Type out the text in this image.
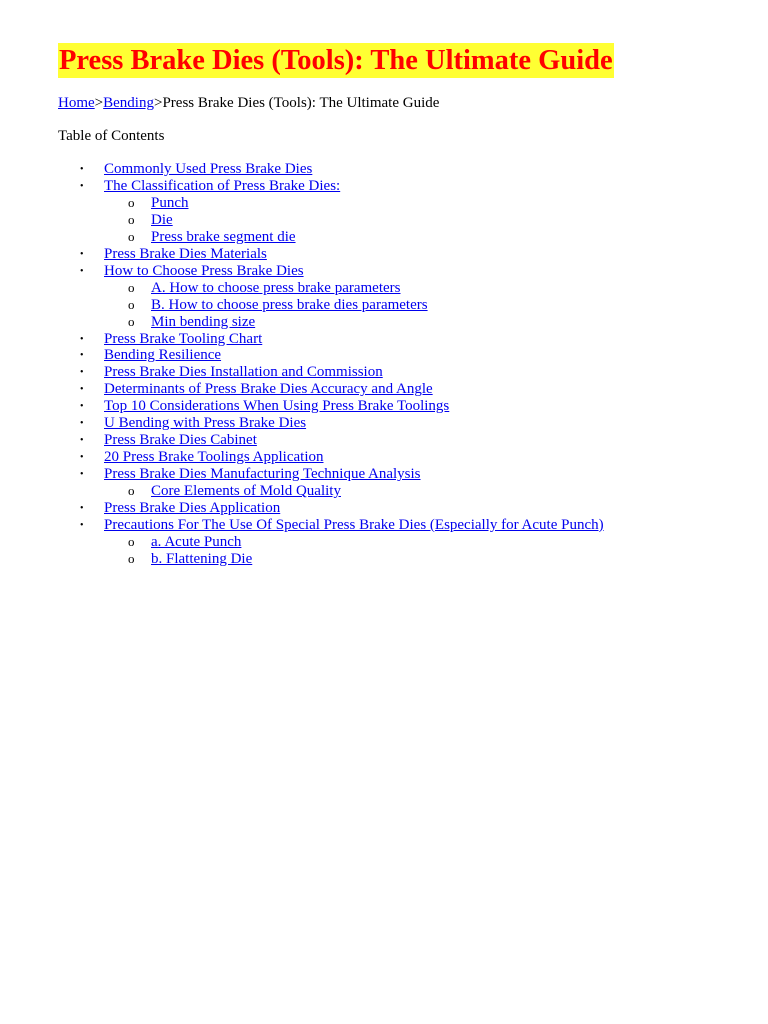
Press Brake Dies (Tools): The Ultimate Guide
Home>Bending>Press Brake Dies (Tools): The Ultimate Guide
Table of Contents
• Commonly Used Press Brake Dies
• The Classification of Press Brake Dies:
o Punch
o Die
o Press brake segment die
• Press Brake Dies Materials
• How to Choose Press Brake Dies
o A. How to choose press brake parameters
o B. How to choose press brake dies parameters
o Min bending size
• Press Brake Tooling Chart
• Bending Resilience
• Press Brake Dies Installation and Commission
• Determinants of Press Brake Dies Accuracy and Angle
• Top 10 Considerations When Using Press Brake Toolings
• U Bending with Press Brake Dies
• Press Brake Dies Cabinet
• 20 Press Brake Toolings Application
• Press Brake Dies Manufacturing Technique Analysis
o Core Elements of Mold Quality
• Press Brake Dies Application
• Precautions For The Use Of Special Press Brake Dies (Especially for Acute Punch)
o a. Acute Punch
o b. Flattening Die
